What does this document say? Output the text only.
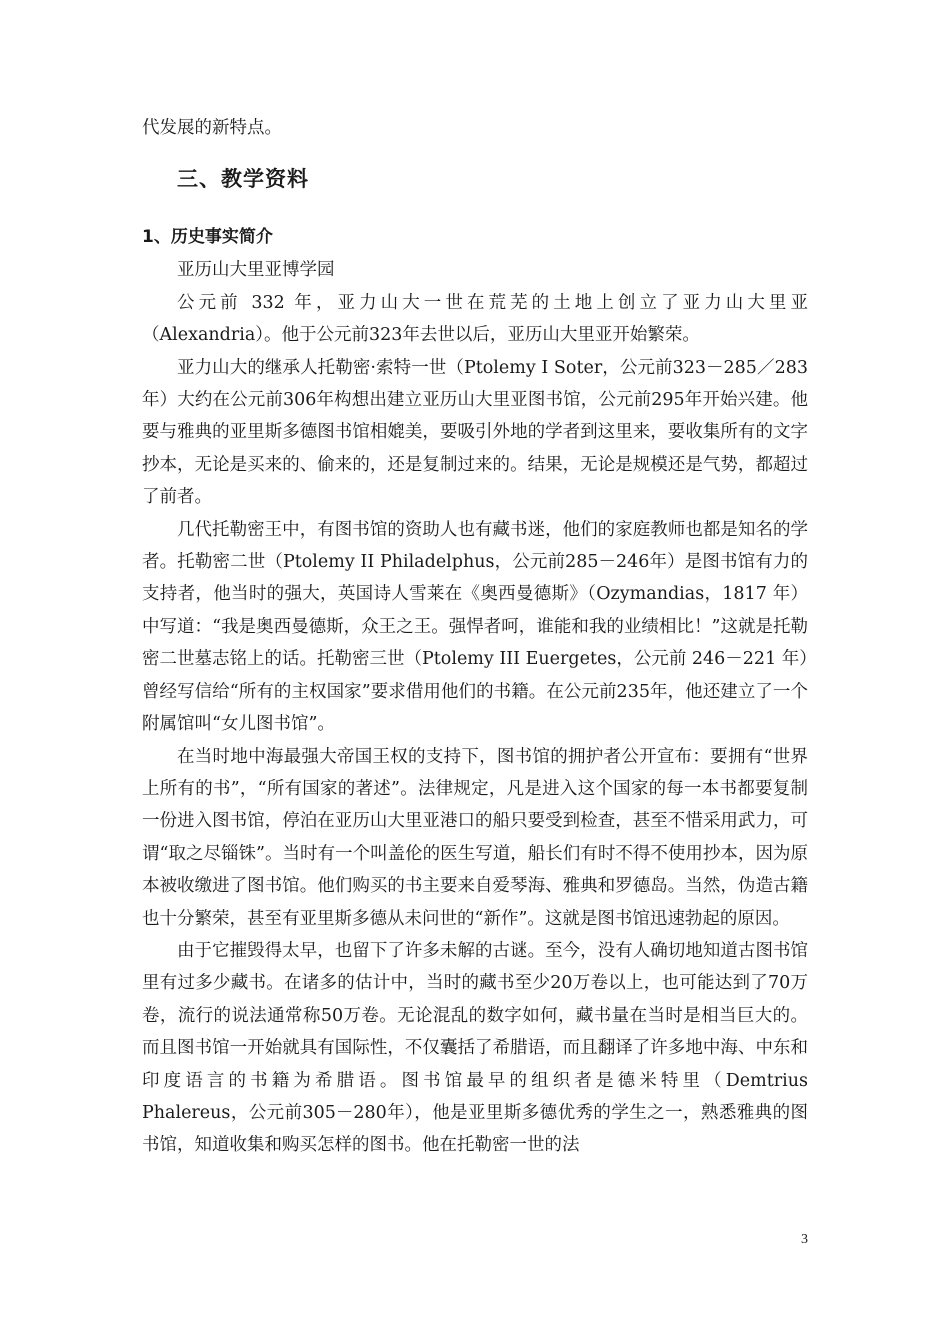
代发展的新特点。

三、教学资料
1、历史事实简介

亚历山大里亚博学园

公元前 332 年，亚力山大一世在荒芜的土地上创立了亚力山大里亚（Alexandria）。他于公元前323年去世以后，亚历山大里亚开始繁荣。

亚力山大的继承人托勒密·索特一世（Ptolemy I Soter，公元前323－285／283年）大约在公元前306年构想出建立亚历山大里亚图书馆，公元前295年开始兴建。他要与雅典的亚里斯多德图书馆相媲美，要吸引外地的学者到这里来，要收集所有的文字抄本，无论是买来的、偷来的，还是复制过来的。结果，无论是规模还是气势，都超过了前者。

几代托勒密王中，有图书馆的资助人也有藏书迷，他们的家庭教师也都是知名的学者。托勒密二世（Ptolemy II Philadelphus，公元前285－246年）是图书馆有力的支持者，他当时的强大，英国诗人雪莱在《奥西曼德斯》（Ozymandias，1817 年）中写道：“我是奥西曼德斯，众王之王。强悍者呵，谁能和我的业绩相比！”这就是托勒密二世墓志铭上的话。托勒密三世（Ptolemy III Euergetes，公元前 246－221 年）曾经写信给“所有的主权国家”要求借用他们的书籍。在公元前235年，他还建立了一个附属馆叫“女儿图书馆”。

在当时地中海最强大帝国王权的支持下，图书馆的拥护者公开宣布：要拥有“世界上所有的书”，“所有国家的著述”。法律规定，凡是进入这个国家的每一本书都要复制一份进入图书馆，停泊在亚历山大里亚港口的船只要受到检查，甚至不惜采用武力，可谓“取之尽锱铢”。当时有一个叫盖伦的医生写道，船长们有时不得不使用抄本，因为原本被收缴进了图书馆。他们购买的书主要来自爱琴海、雅典和罗德岛。当然，伪造古籍也十分繁荣，甚至有亚里斯多德从未问世的“新作”。这就是图书馆迅速勃起的原因。

由于它摧毁得太早，也留下了许多未解的古谜。至今，没有人确切地知道古图书馆里有过多少藏书。在诸多的估计中，当时的藏书至少20万卷以上，也可能达到了70万卷，流行的说法通常称50万卷。无论混乱的数字如何，藏书量在当时是相当巨大的。而且图书馆一开始就具有国际性，不仅囊括了希腊语，而且翻译了许多地中海、中东和印度语言的书籍为希腊语。图书馆最早的组织者是德米特里（Demtrius Phalereus，公元前305－280年），他是亚里斯多德优秀的学生之一，熟悉雅典的图书馆，知道收集和购买怎样的图书。他在托勒密一世的法

3
